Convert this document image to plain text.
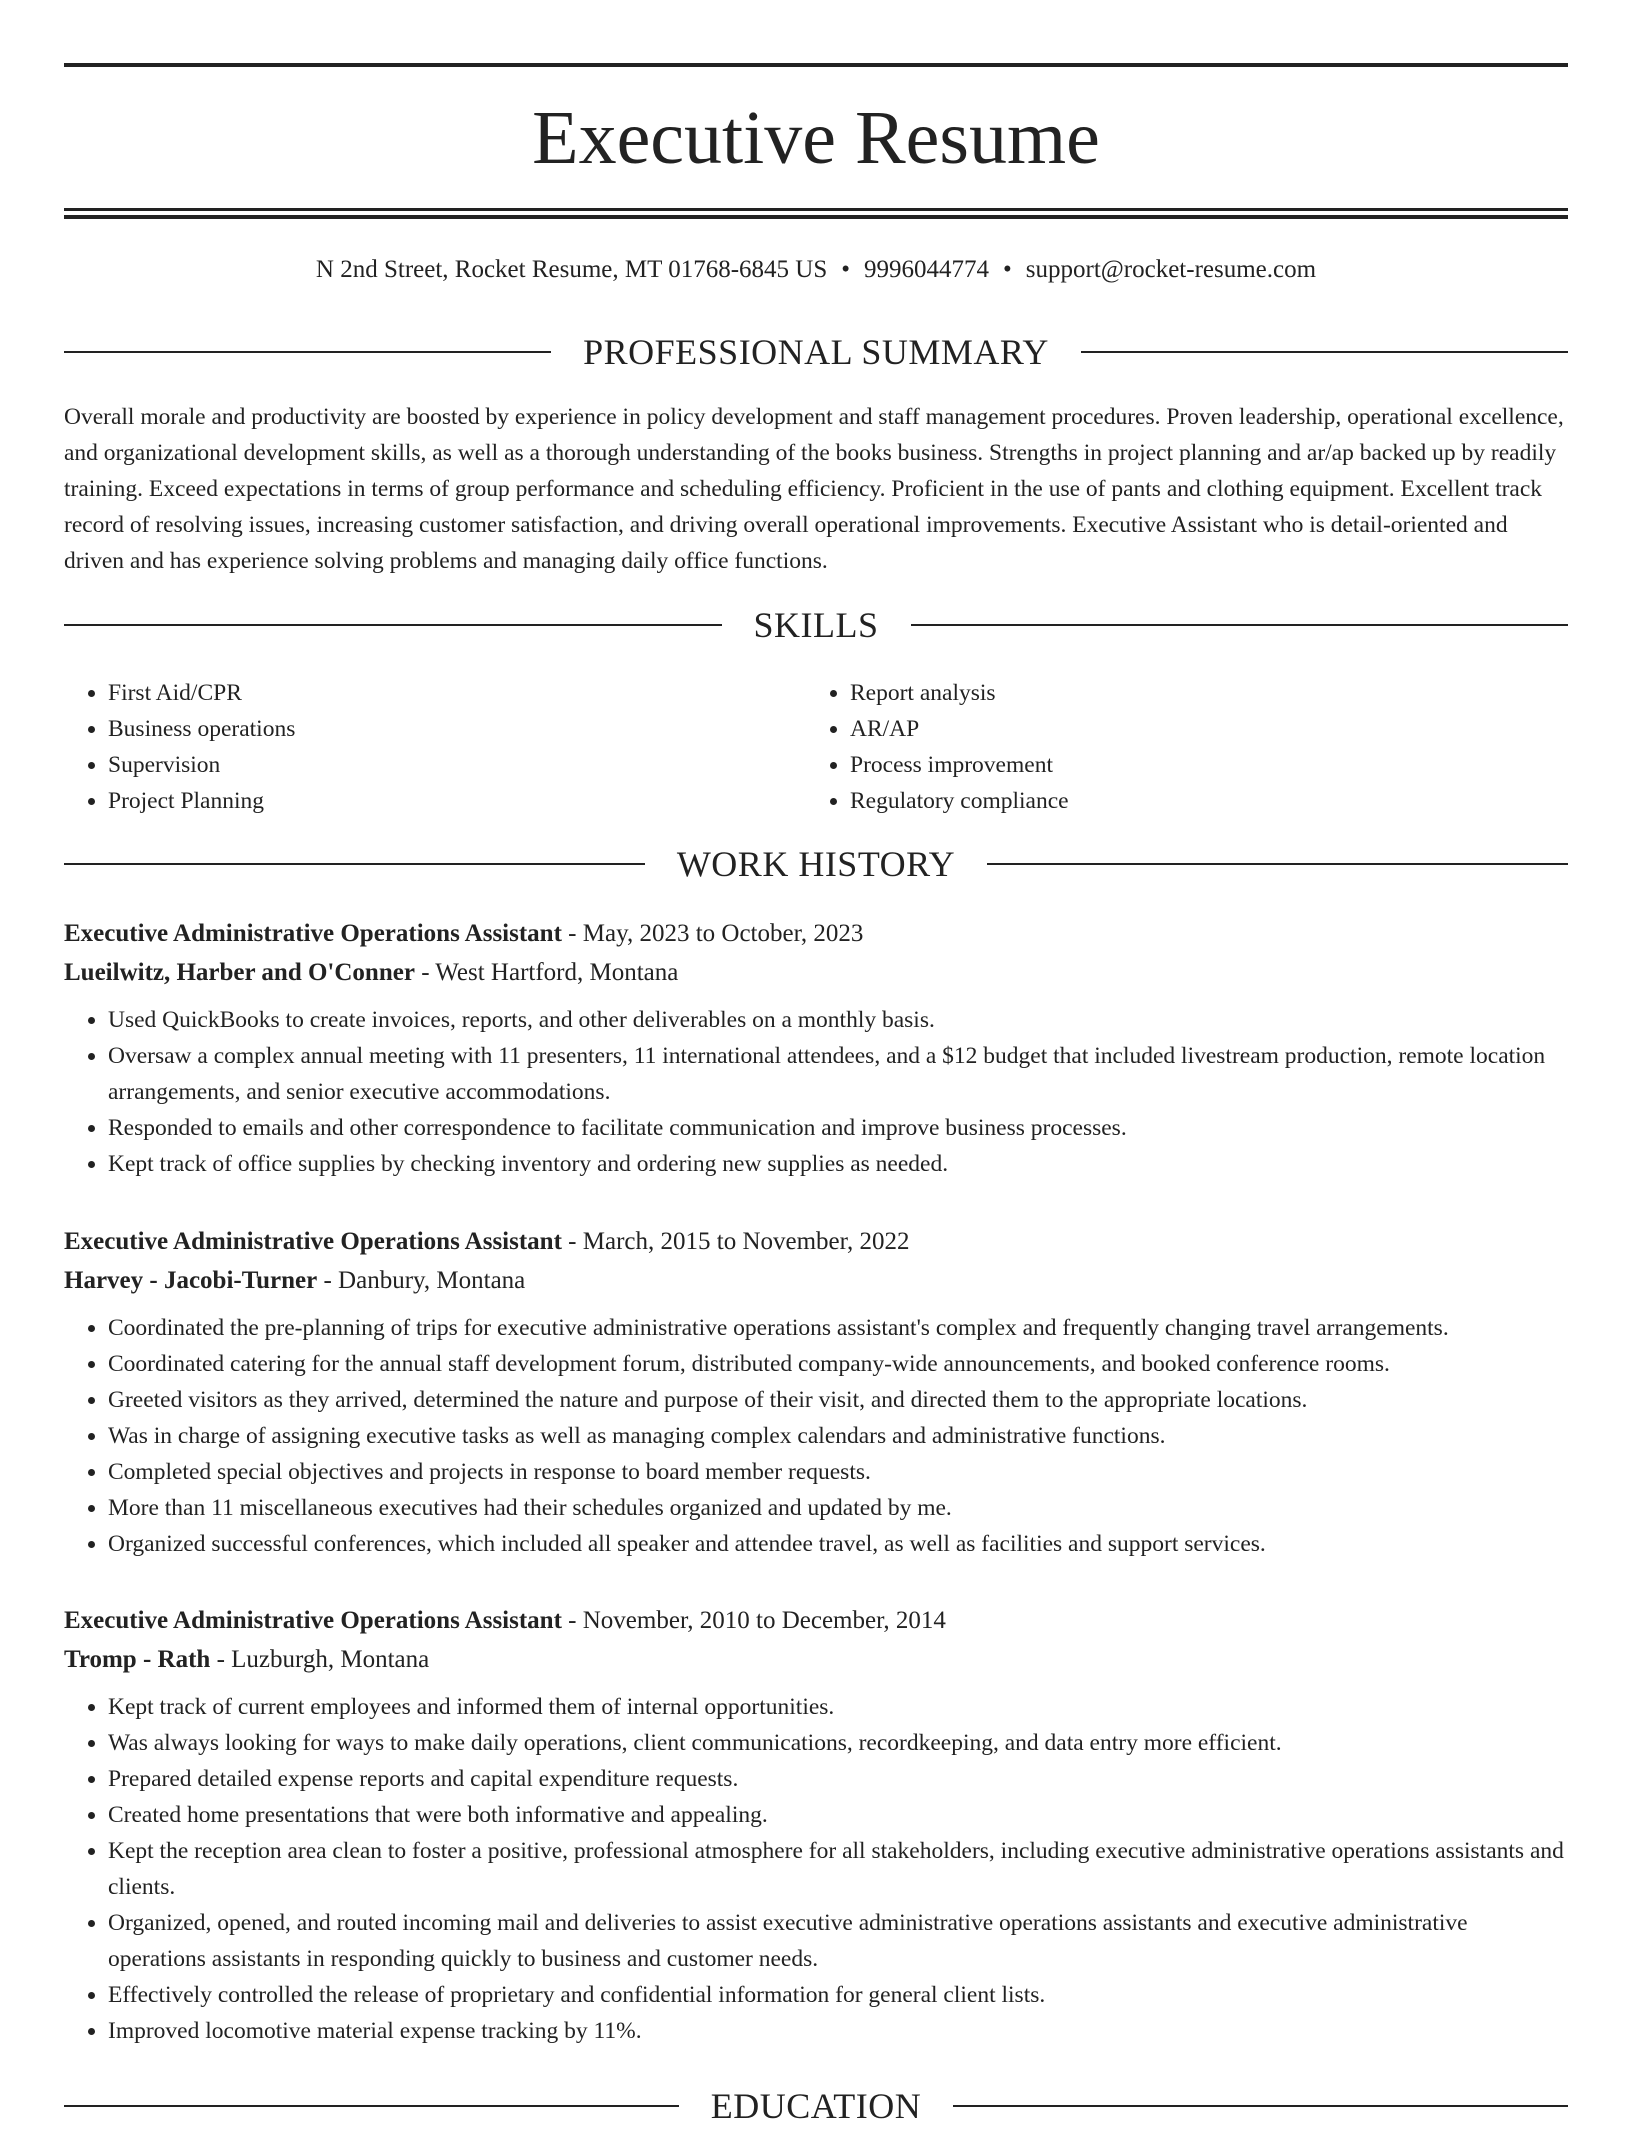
Executive Resume
N 2nd Street, Rocket Resume, MT 01768-6845 US • 9996044774 • support@rocket-resume.com
PROFESSIONAL SUMMARY

Overall morale and productivity are boosted by experience in policy development and staff management procedures. Proven leadership, operational excellence, and organizational development skills, as well as a thorough understanding of the books business. Strengths in project planning and ar/ap backed up by readily training. Exceed expectations in terms of group performance and scheduling efficiency. Proficient in the use of pants and clothing equipment. Excellent track record of resolving issues, increasing customer satisfaction, and driving overall operational improvements. Executive Assistant who is detail-oriented and driven and has experience solving problems and managing daily office functions.

SKILLS
• First Aid/CPR
• Business operations
• Supervision
• Project Planning
• Report analysis
• AR/AP
• Process improvement
• Regulatory compliance
WORK HISTORY

Executive Administrative Operations Assistant - May, 2023 to October, 2023

Lueilwitz, Harber and O'Conner - West Hartford, Montana

• Used QuickBooks to create invoices, reports, and other deliverables on a monthly basis.
• Oversaw a complex annual meeting with 11 presenters, 11 international attendees, and a $12 budget that included livestream production, remote location arrangements, and senior executive accommodations.
• Responded to emails and other correspondence to facilitate communication and improve business processes.
• Kept track of office supplies by checking inventory and ordering new supplies as needed.

Executive Administrative Operations Assistant - March, 2015 to November, 2022

Harvey - Jacobi-Turner - Danbury, Montana

• Coordinated the pre-planning of trips for executive administrative operations assistant's complex and frequently changing travel arrangements.
• Coordinated catering for the annual staff development forum, distributed company-wide announcements, and booked conference rooms.
• Greeted visitors as they arrived, determined the nature and purpose of their visit, and directed them to the appropriate locations.
• Was in charge of assigning executive tasks as well as managing complex calendars and administrative functions.
• Completed special objectives and projects in response to board member requests.
• More than 11 miscellaneous executives had their schedules organized and updated by me.
• Organized successful conferences, which included all speaker and attendee travel, as well as facilities and support services.

Executive Administrative Operations Assistant - November, 2010 to December, 2014

Tromp - Rath - Luzburgh, Montana

• Kept track of current employees and informed them of internal opportunities.
• Was always looking for ways to make daily operations, client communications, recordkeeping, and data entry more efficient.
• Prepared detailed expense reports and capital expenditure requests.
• Created home presentations that were both informative and appealing.
• Kept the reception area clean to foster a positive, professional atmosphere for all stakeholders, including executive administrative operations assistants and clients.
• Organized, opened, and routed incoming mail and deliveries to assist executive administrative operations assistants and executive administrative operations assistants in responding quickly to business and customer needs.
• Effectively controlled the release of proprietary and confidential information for general client lists.
• Improved locomotive material expense tracking by 11%.
EDUCATION
